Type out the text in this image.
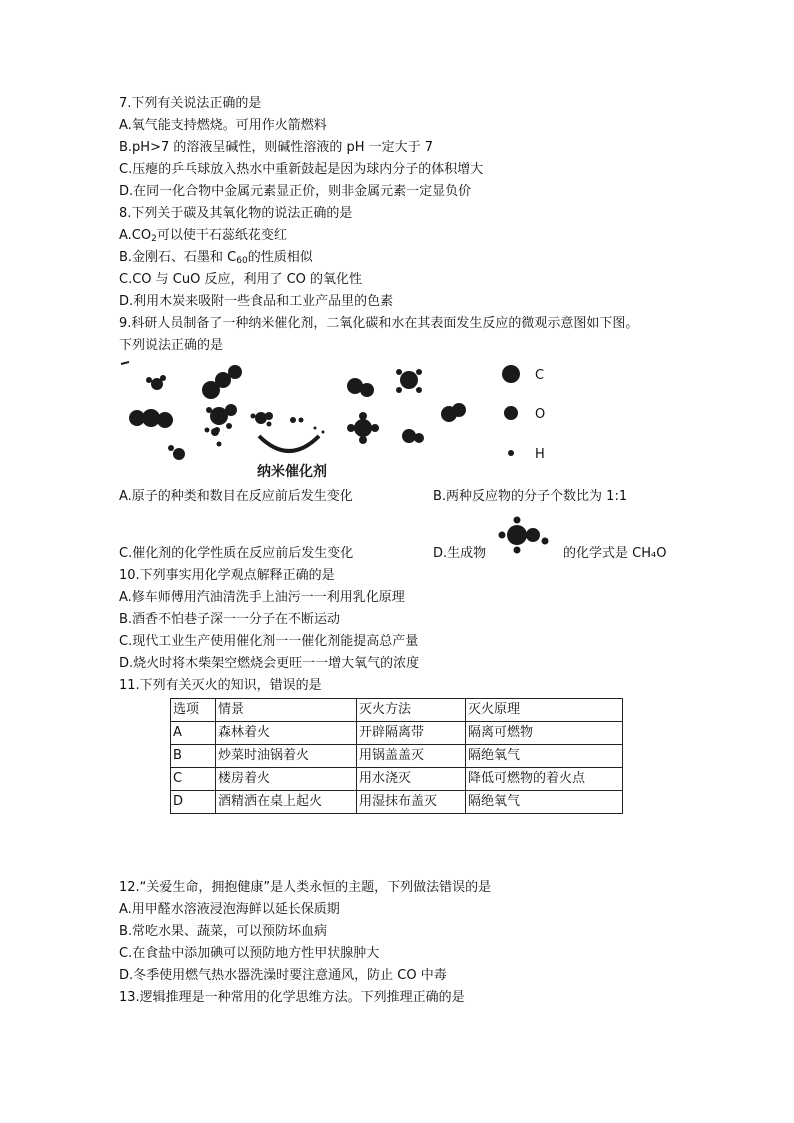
7.下列有关说法正确的是
A.氧气能支持燃烧。可用作火箭燃料
B.pH>7 的溶液呈碱性，则碱性溶液的 pH 一定大于 7
C.压瘪的乒乓球放入热水中重新鼓起是因为球内分子的体积增大
D.在同一化合物中金属元素显正价，则非金属元素一定显负价
8.下列关于碳及其氧化物的说法正确的是
$A.CO_2$可以使干石蕊纸花变红
B.金刚石、石墨和 $C_{60}$的性质相似
C.CO 与 CuO 反应，利用了 CO 的氧化性
D.利用木炭来吸附一些食品和工业产品里的色素
9.科研人员制备了一种纳米催化剂，二氧化碳和水在其表面发生反应的微观示意图如下图。
下列说法正确的是
纳米催化剂
C
O
H
A.原子的种类和数目在反应前后发生变化	B.两种反应物的分子个数比为 1:1
C.催化剂的化学性质在反应前后发生变化	D.生成物	的化学式是 CH₄O
10.下列事实用化学观点解释正确的是
A.修车师傅用汽油清洗手上油污一一利用乳化原理
B.酒香不怕巷子深一一分子在不断运动
C.现代工业生产使用催化剂一一催化剂能提高总产量
D.烧火时将木柴架空燃烧会更旺一一增大氧气的浓度
11.下列有关灭火的知识，错误的是
选项	情景	灭火方法	灭火原理
A	森林着火	开辟隔离带	隔离可燃物
B	炒菜时油锅着火	用锅盖盖灭	隔绝氧气
C	楼房着火	用水浇灭	降低可燃物的着火点
D	酒精洒在桌上起火	用湿抹布盖灭	隔绝氧气
12.“关爱生命，拥抱健康”是人类永恒的主题，下列做法错误的是
A.用甲醛水溶液浸泡海鲜以延长保质期
B.常吃水果、蔬菜，可以预防坏血病
C.在食盐中添加碘可以预防地方性甲状腺肿大
D.冬季使用燃气热水器洗澡时要注意通风，防止 CO 中毒
13.逻辑推理是一种常用的化学思维方法。下列推理正确的是
